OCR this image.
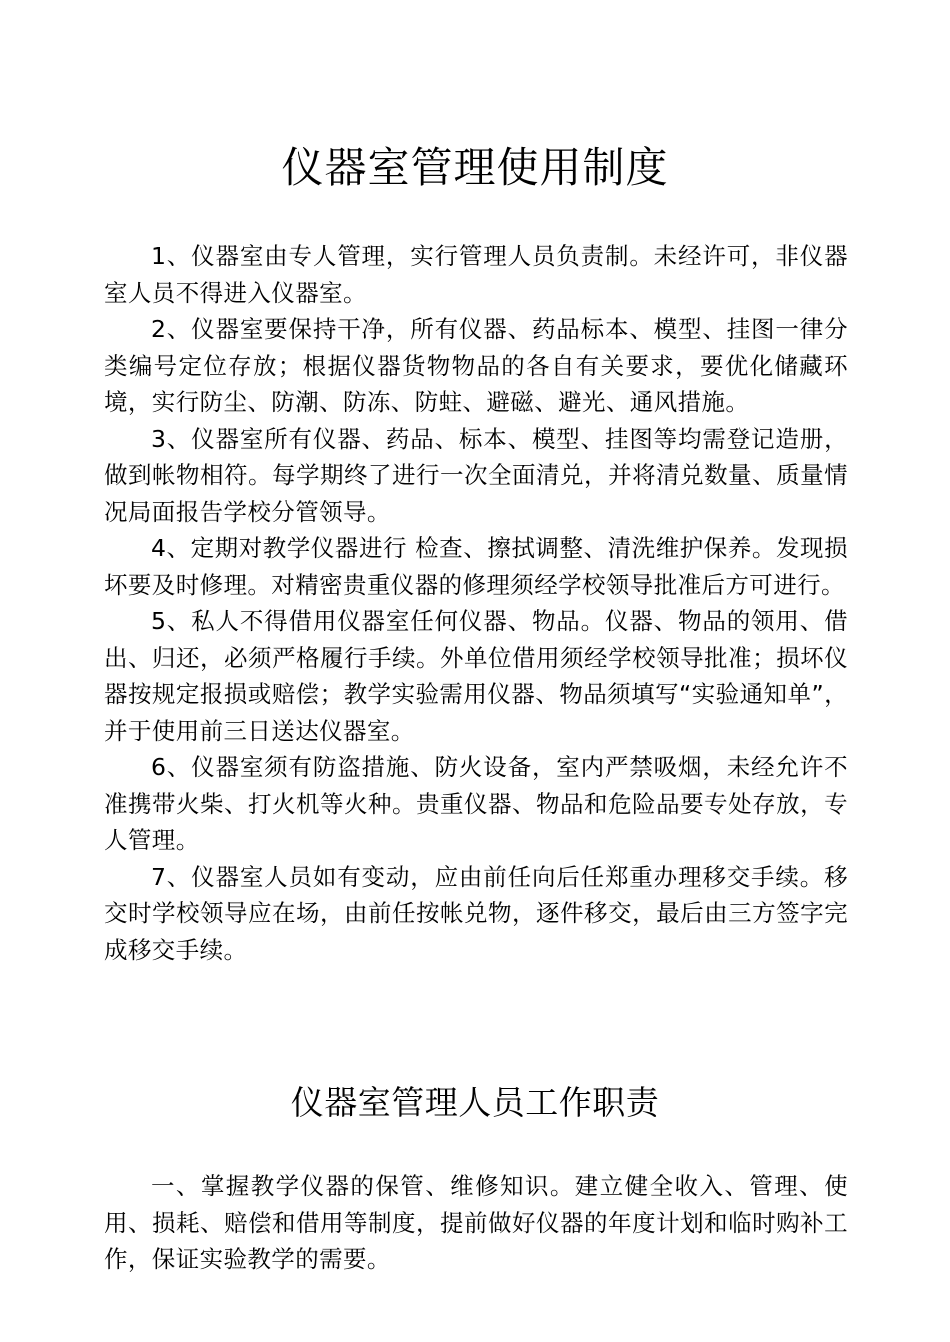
仪器室管理使用制度

1、仪器室由专人管理，实行管理人员负责制。未经许可，非仪器室人员不得进入仪器室。

2、仪器室要保持干净，所有仪器、药品标本、模型、挂图一律分类编号定位存放；根据仪器货物物品的各自有关要求，要优化储藏环境，实行防尘、防潮、防冻、防蛀、避磁、避光、通风措施。

3、仪器室所有仪器、药品、标本、模型、挂图等均需登记造册，做到帐物相符。每学期终了进行一次全面清兑，并将清兑数量、质量情况局面报告学校分管领导。

4、定期对教学仪器进行 检查、擦拭调整、清洗维护保养。发现损坏要及时修理。对精密贵重仪器的修理须经学校领导批准后方可进行。

5、私人不得借用仪器室任何仪器、物品。仪器、物品的领用、借出、归还，必须严格履行手续。外单位借用须经学校领导批准；损坏仪器按规定报损或赔偿；教学实验需用仪器、物品须填写“实验通知单”，并于使用前三日送达仪器室。

6、仪器室须有防盗措施、防火设备，室内严禁吸烟，未经允许不准携带火柴、打火机等火种。贵重仪器、物品和危险品要专处存放，专人管理。

7、仪器室人员如有变动，应由前任向后任郑重办理移交手续。移交时学校领导应在场，由前任按帐兑物，逐件移交，最后由三方签字完成移交手续。

仪器室管理人员工作职责

一、掌握教学仪器的保管、维修知识。建立健全收入、管理、使用、损耗、赔偿和借用等制度，提前做好仪器的年度计划和临时购补工作，保证实验教学的需要。
